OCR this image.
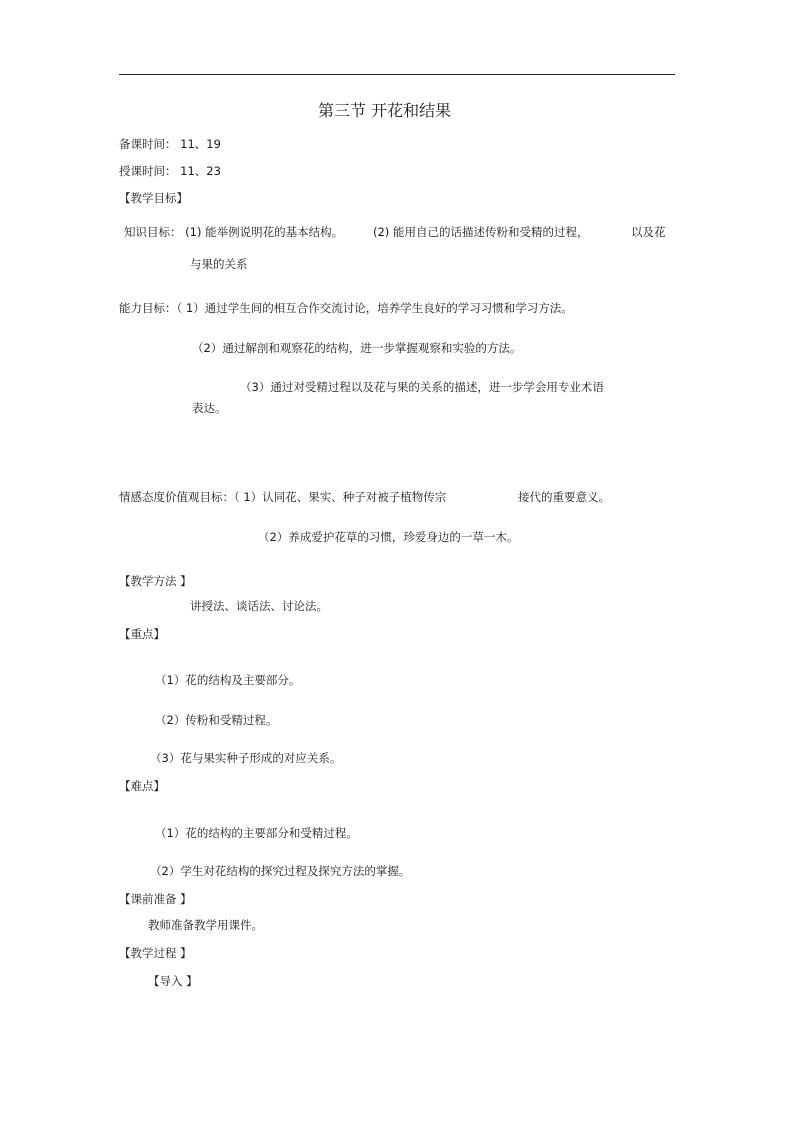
第三节 开花和结果
备课时间： 11、19
授课时间： 11、23
【教学目标】
知识目标： (1) 能举例说明花的基本结构。	(2) 能用自己的话描述传粉和受精的过程，	以及花
与果的关系
能力目标：（ 1）通过学生间的相互合作交流讨论，培养学生良好的学习习惯和学习方法。
（2）通过解剖和观察花的结构，进一步掌握观察和实验的方法。
（3）通过对受精过程以及花与果的关系的描述，进一步学会用专业术语
表达。
情感态度价值观目标：（ 1）认同花、果实、种子对被子植物传宗	接代的重要意义。
（2）养成爱护花草的习惯，珍爱身边的一草一木。
【教学方法 】
讲授法、谈话法、讨论法。
【重点】
（1）花的结构及主要部分。
（2）传粉和受精过程。
（3）花与果实种子形成的对应关系。
【难点】
（1）花的结构的主要部分和受精过程。
（2）学生对花结构的探究过程及探究方法的掌握。
【课前准备 】
教师准备教学用课件。
【教学过程 】
【导入 】
